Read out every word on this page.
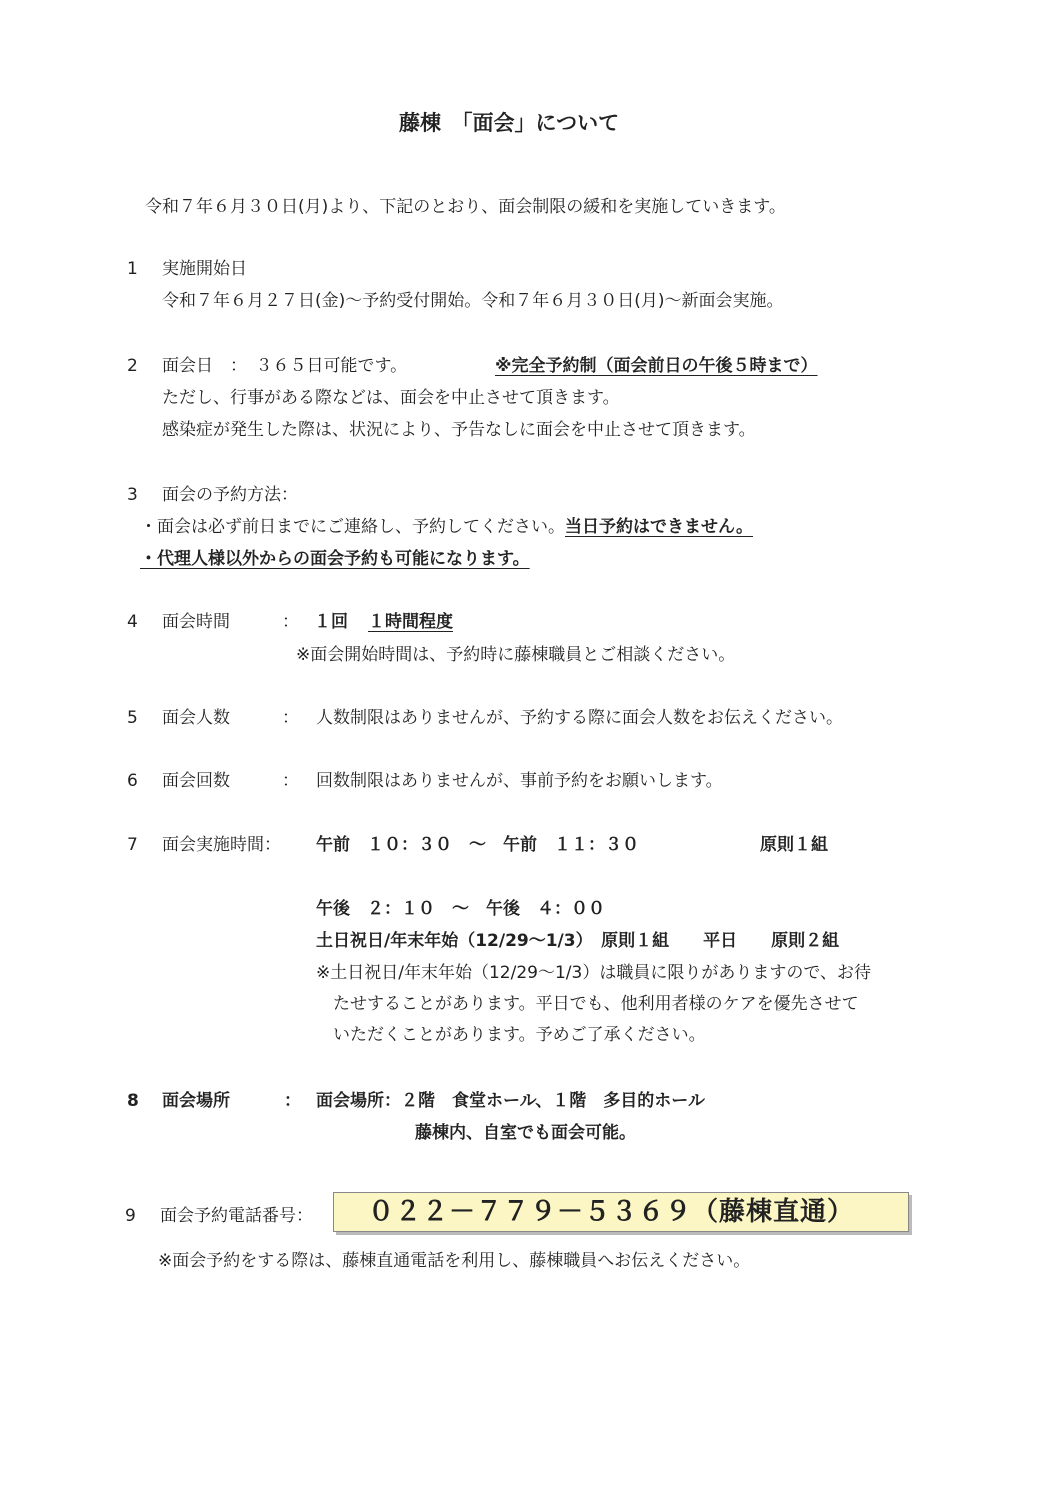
藤棟　「面会」について
令和７年６月３０日(月)より、下記のとおり、面会制限の緩和を実施していきます。
1 実施開始日
令和７年６月２７日(金)～予約受付開始。令和７年６月３０日(月)～新面会実施。
2 面会日　：　３６５日可能です。	※完全予約制（面会前日の午後５時まで）
ただし、行事がある際などは、面会を中止させて頂きます。
感染症が発生した際は、状況により、予告なしに面会を中止させて頂きます。
3 面会の予約方法：
・面会は必ず前日までにご連絡し、予約してください。当日予約はできません。
・代理人様以外からの面会予約も可能になります。
4 面会時間	： １回 １時間程度
※面会開始時間は、予約時に藤棟職員とご相談ください。
5 面会人数	： 人数制限はありませんが、予約する際に面会人数をお伝えください。
6 面会回数	： 回数制限はありませんが、事前予約をお願いします。
7 面会実施時間： 午前　１０：３０　～　午前　１１：３０	原則１組
午後　２：１０　～　午後　４：００
土日祝日/年末年始（12/29～1/3）　原則１組　　平日　　原則２組
※土日祝日/年末年始（12/29～1/3）は職員に限りがありますので、お待
たせすることがあります。平日でも、他利用者様のケアを優先させて
いただくことがあります。予めご了承ください。
8 面会場所	： 面会場所：２階　食堂ホール、１階　多目的ホール
藤棟内、自室でも面会可能。
9 面会予約電話番号： ０２２－７７９－５３６９（藤棟直通）
※面会予約をする際は、藤棟直通電話を利用し、藤棟職員へお伝えください。
